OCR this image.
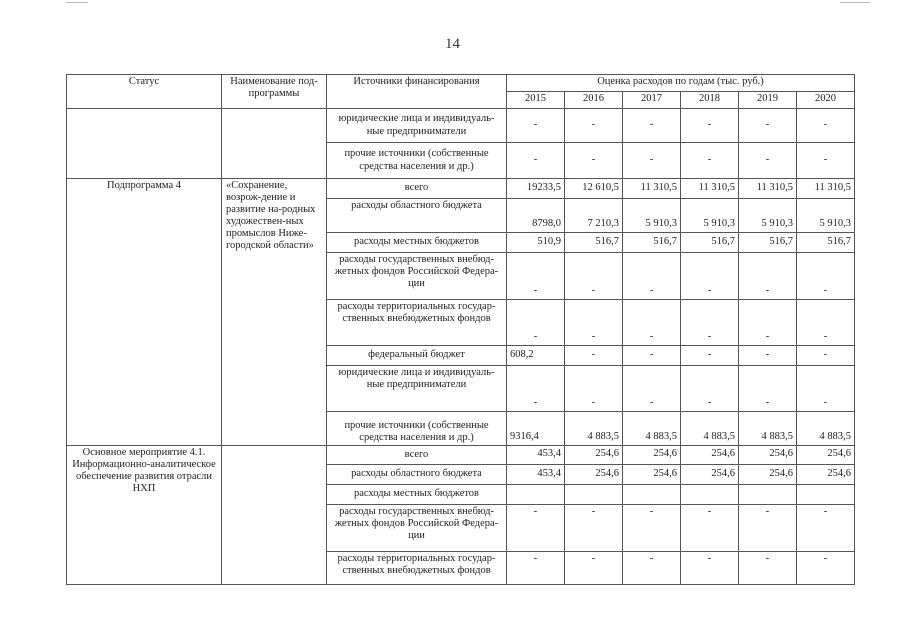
14
Статус	Наименование под-программы	Источники финансирования	Оценка расходов по годам (тыс. руб.)					
			2015	2016	2017	2018	2019	2020
		юридические лица и индивидуаль-ные предприниматели	-	-	-	-	-	-
		прочие источники (собственные средства населения и др.)	-	-	-	-	-	-
Подпрограмма 4	«Сохранение, возрож-дение и развитие на-родных художествен-ных промыслов Ниже-городской области»	всего	19233,5	12 610,5	11 310,5	11 310,5	11 310,5	11 310,5
		расходы областного бюджета	8798,0	7 210,3	5 910,3	5 910,3	5 910,3	5 910,3
		расходы местных бюджетов	510,9	516,7	516,7	516,7	516,7	516,7
		расходы государственных внебюд-жетных фондов Российской Федера-ции	-	-	-	-	-	-
		расходы территориальных государ-ственных внебюджетных фондов	-	-	-	-	-	-
		федеральный бюджет	608,2	-	-	-	-	-
		юридические лица и индивидуаль-ные предприниматели	-	-	-	-	-	-
		прочие источники (собственные средства населения и др.)	9316,4	4 883,5	4 883,5	4 883,5	4 883,5	4 883,5
Основное мероприятие 4.1. Информационно-аналитическое обеспечение развития отрасли НХП		всего	453,4	254,6	254,6	254,6	254,6	254,6
		расходы областного бюджета	453,4	254,6	254,6	254,6	254,6	254,6
		расходы местных бюджетов						
		расходы государственных внебюд-жетных фондов Российской Федера-ции	-	-	-	-	-	-
		расходы территориальных государ-ственных внебюджетных фондов	-	-	-	-	-	-
